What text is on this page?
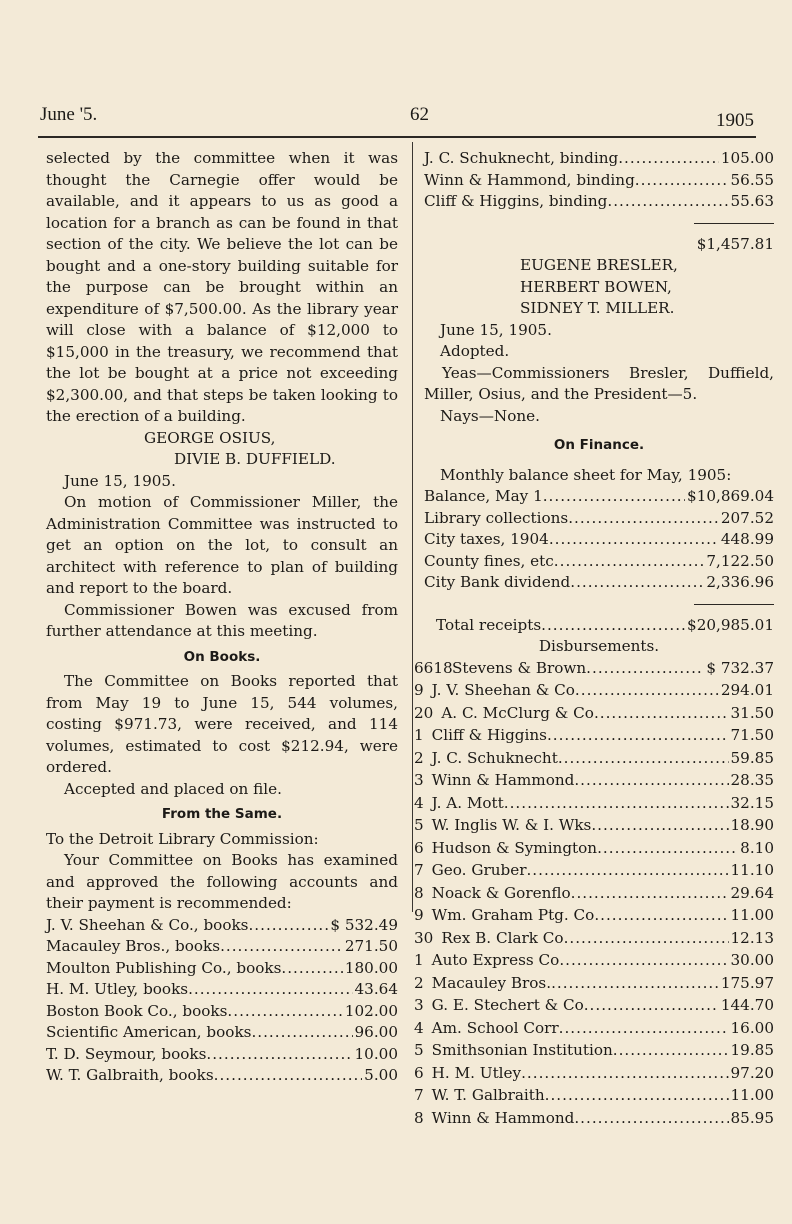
June '5.	62	1905

selected by the committee when it was thought the Carnegie offer would be available, and it appears to us as good a location for a branch as can be found in that section of the city. We believe the lot can be bought and a one-story building suitable for the purpose can be brought within an expenditure of $7,500.00. As the library year will close with a balance of $12,000 to $15,000 in the treasury, we recommend that the lot be bought at a price not exceeding $2,300.00, and that steps be taken looking to the erection of a building.

GEORGE OSIUS,

DIVIE B. DUFFIELD.

June 15, 1905.

On motion of Commissioner Miller, the Administration Committee was instructed to get an option on the lot, to consult an architect with reference to plan of building and report to the board.

Commissioner Bowen was excused from further attendance at this meeting.

On Books.

The Committee on Books reported that from May 19 to June 15, 544 volumes, costing $971.73, were received, and 114 volumes, estimated to cost $212.94, were ordered.

Accepted and placed on file.

From the Same.

To the Detroit Library Commission:

Your Committee on Books has examined and approved the following accounts and their payment is recommended:

J. V. Sheehan & Co., books .....	$ 532.49
Macauley Bros., books .....	271.50
Moulton Publishing Co., books .....	180.00
H. M. Utley, books .....	43.64
Boston Book Co., books .....	102.00
Scientific American, books .....	96.00
T. D. Seymour, books .....	10.00
W. T. Galbraith, books .....	5.00
J. C. Schuknecht, binding .....	105.00
Winn & Hammond, binding .....	56.55
Cliff & Higgins, binding .....	55.63

$1,457.81

EUGENE BRESLER,

HERBERT BOWEN,

SIDNEY T. MILLER.

June 15, 1905.

Adopted.

Yeas—Commissioners Bresler, Duffield, Miller, Osius, and the President—5.

Nays—None.

On Finance.

Monthly balance sheet for May, 1905:

Balance, May 1 .....	$10,869.04
Library collections .....	207.52
City taxes, 1904 .....	448.99
County fines, etc .....	7,122.50
City Bank dividend .....	2,336.96
Total receipts .....	$20,985.01
Disbursements.
6618 Stevens & Brown .....	$ 732.37
9 J. V. Sheehan & Co .....	294.01
20 A. C. McClurg & Co .....	31.50
1 Cliff & Higgins .....	71.50
2 J. C. Schuknecht .....	59.85
3 Winn & Hammond .....	28.35
4 J. A. Mott .....	32.15
5 W. Inglis W. & I. Wks .....	18.90
6 Hudson & Symington .....	8.10
7 Geo. Gruber .....	11.10
8 Noack & Gorenflo .....	29.64
9 Wm. Graham Ptg. Co .....	11.00
30 Rex B. Clark Co .....	12.13
1 Auto Express Co .....	30.00
2 Macauley Bros. .....	175.97
3 G. E. Stechert & Co .....	144.70
4 Am. School Corr .....	16.00
5 Smithsonian Institution .....	19.85
6 H. M. Utley .....	97.20
7 W. T. Galbraith .....	11.00
8 Winn & Hammond .....	85.95
